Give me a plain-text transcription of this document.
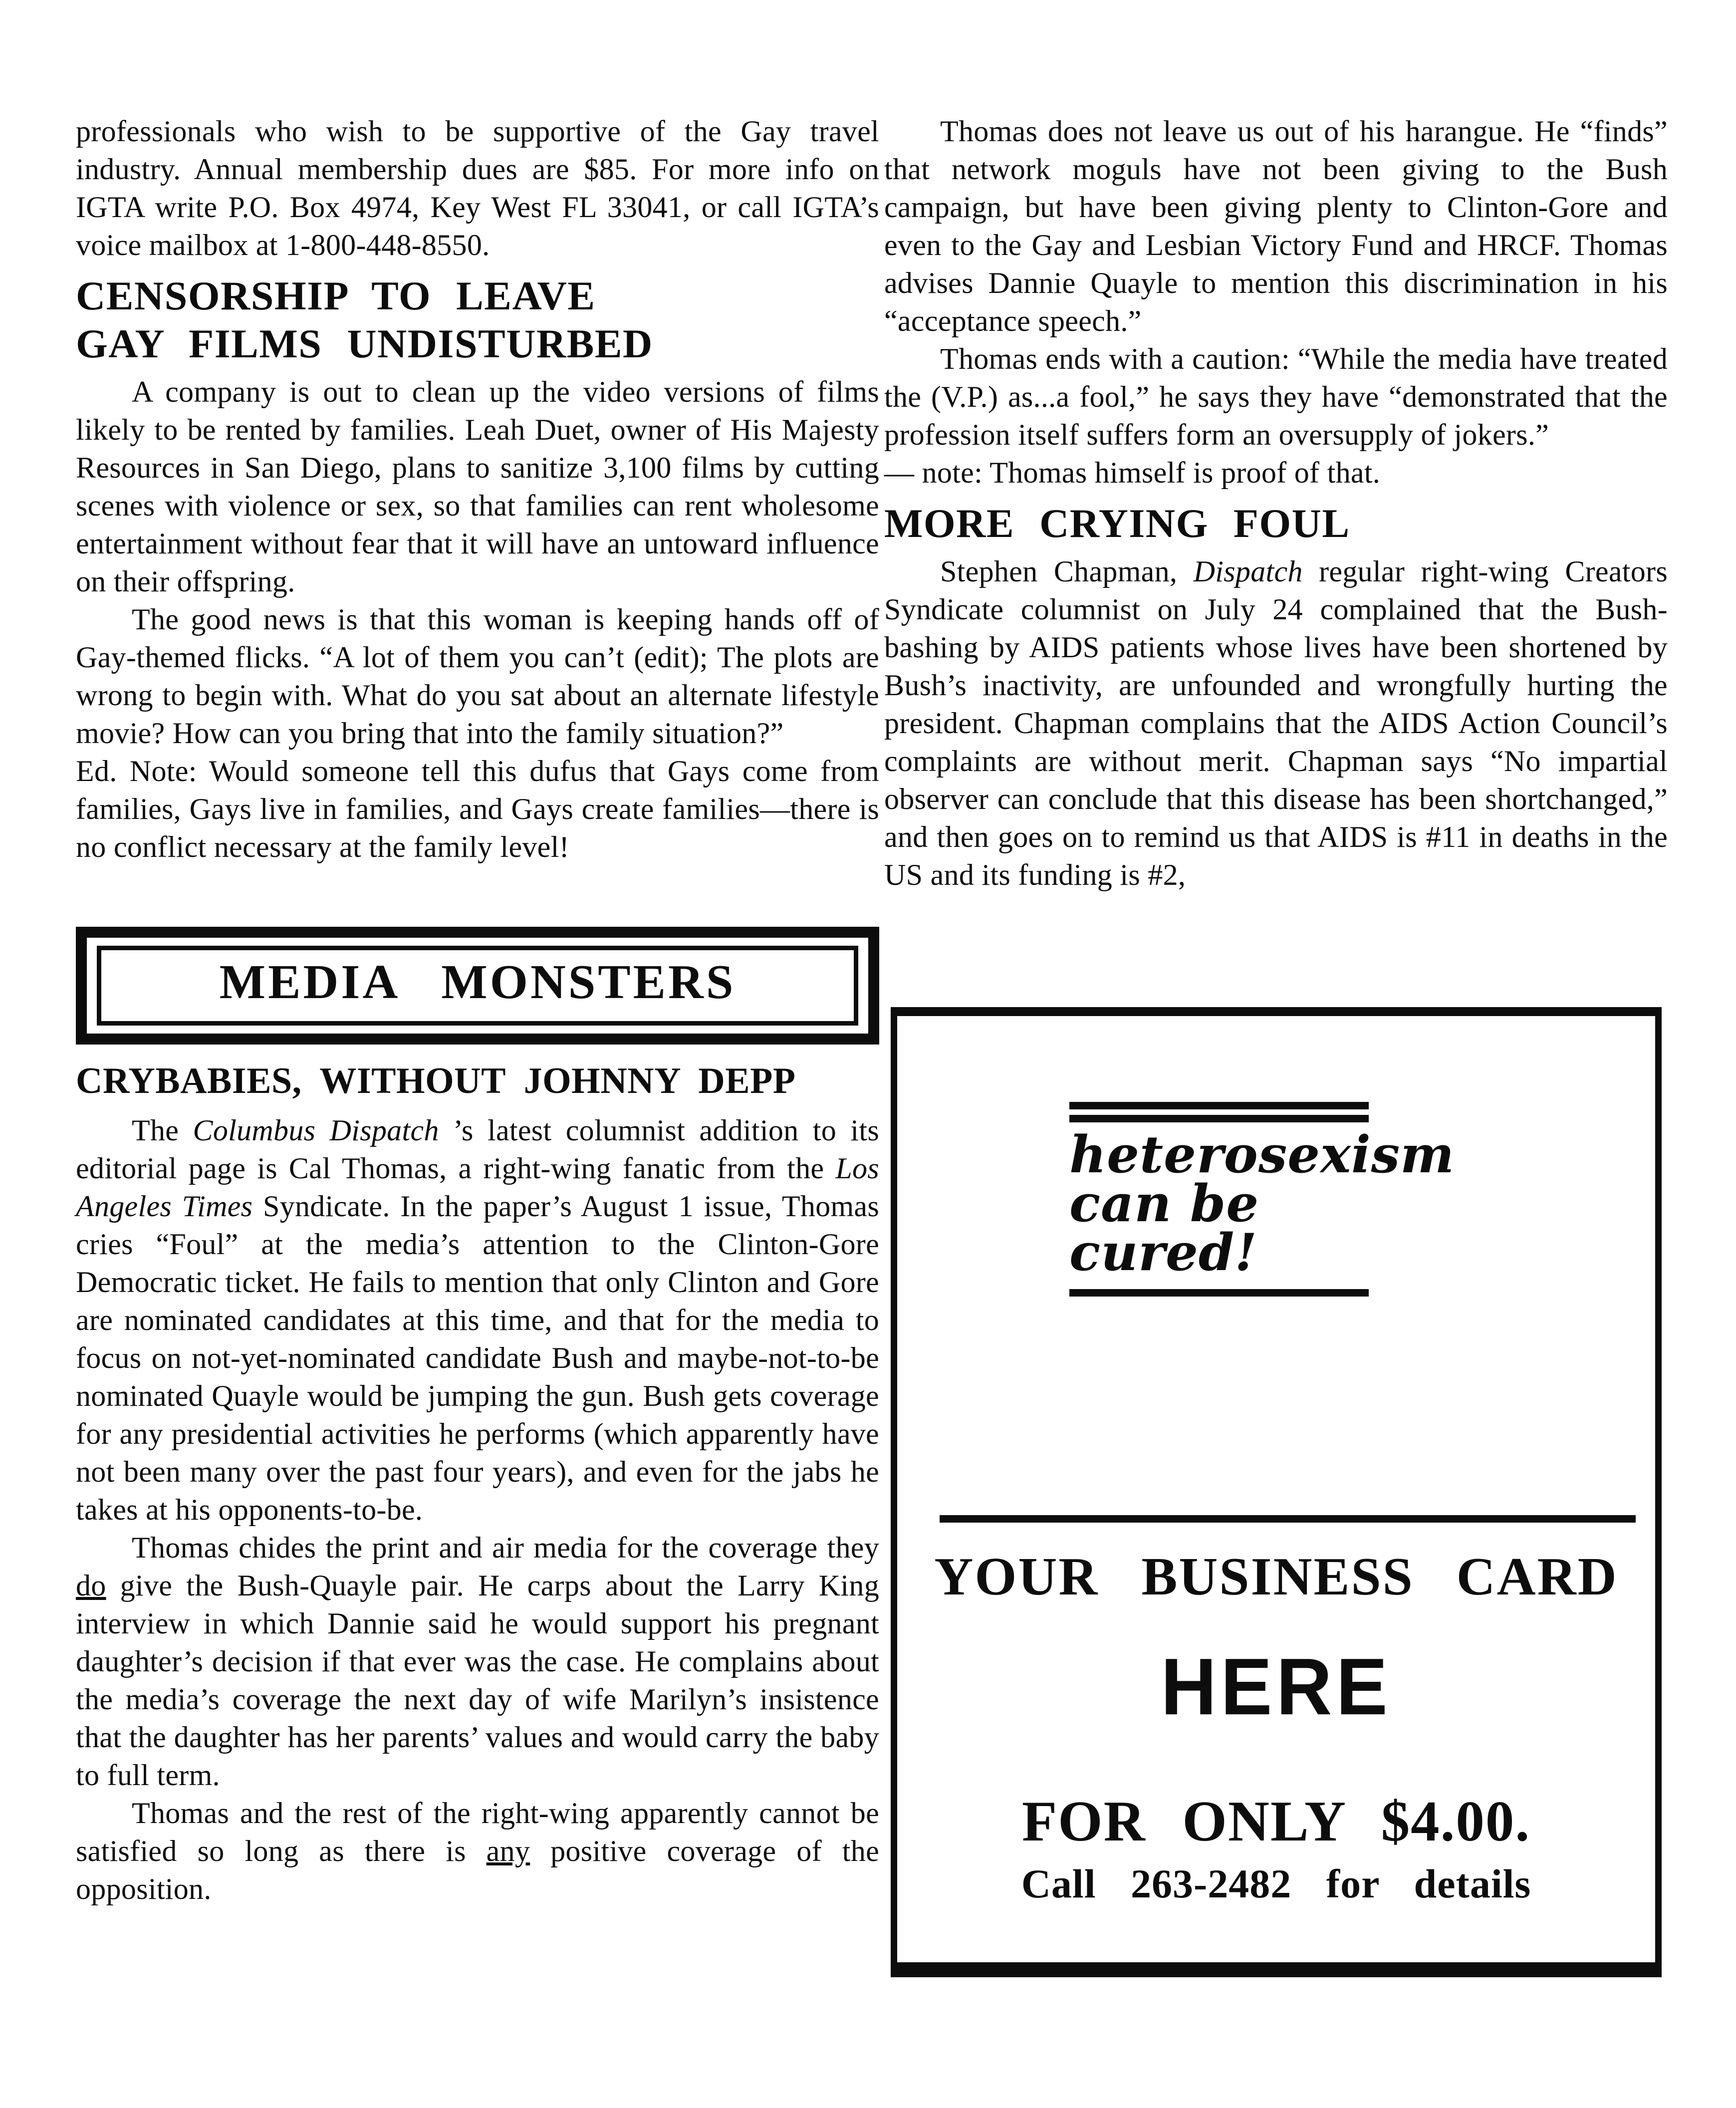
professionals who wish to be supportive of the Gay travel industry. Annual membership dues are $85. For more info on IGTA write P.O. Box 4974, Key West FL 33041, or call IGTA’s voice mailbox at 1-800-448-8550.

CENSORSHIP TO LEAVE
GAY FILMS UNDISTURBED

A company is out to clean up the video versions of films likely to be rented by families. Leah Duet, owner of His Majesty Resources in San Diego, plans to sanitize 3,100 films by cutting scenes with violence or sex, so that families can rent wholesome entertainment without fear that it will have an untoward influence on their offspring.

The good news is that this woman is keeping hands off of Gay-themed flicks. “A lot of them you can’t (edit); The plots are wrong to begin with. What do you sat about an alternate lifestyle movie? How can you bring that into the family situation?”

Ed. Note: Would someone tell this dufus that Gays come from families, Gays live in families, and Gays create families—there is no conflict necessary at the family level!

MEDIA MONSTERS
CRYBABIES, WITHOUT JOHNNY DEPP

The Columbus Dispatch ’s latest columnist addition to its editorial page is Cal Thomas, a right-wing fanatic from the Los Angeles Times Syndicate. In the paper’s August 1 issue, Thomas cries “Foul” at the media’s attention to the Clinton-Gore Democratic ticket. He fails to mention that only Clinton and Gore are nominated candidates at this time, and that for the media to focus on not-yet-nominated candidate Bush and maybe-not-to-be nominated Quayle would be jumping the gun. Bush gets coverage for any presidential activities he performs (which apparently have not been many over the past four years), and even for the jabs he takes at his opponents-to-be.

Thomas chides the print and air media for the coverage they do give the Bush-Quayle pair. He carps about the Larry King interview in which Dannie said he would support his pregnant daughter’s decision if that ever was the case. He complains about the media’s coverage the next day of wife Marilyn’s insistence that the daughter has her parents’ values and would carry the baby to full term.

Thomas and the rest of the right-wing apparently cannot be satisfied so long as there is any positive coverage of the opposition.

Thomas does not leave us out of his harangue. He “finds” that network moguls have not been giving to the Bush campaign, but have been giving plenty to Clinton-Gore and even to the Gay and Lesbian Victory Fund and HRCF. Thomas advises Dannie Quayle to mention this discrimination in his “acceptance speech.”

Thomas ends with a caution: “While the media have treated the (V.P.) as...a fool,” he says they have “demonstrated that the profession itself suffers form an oversupply of jokers.”

— note: Thomas himself is proof of that.

MORE CRYING FOUL

Stephen Chapman, Dispatch regular right-wing Creators Syndicate columnist on July 24 complained that the Bush-bashing by AIDS patients whose lives have been shortened by Bush’s inactivity, are unfounded and wrongfully hurting the president. Chapman complains that the AIDS Action Council’s complaints are without merit. Chapman says “No impartial observer can conclude that this disease has been shortchanged,” and then goes on to remind us that AIDS is #11 in deaths in the US and its funding is #2,

heterosexism
can be cured!
YOUR BUSINESS CARD
HERE
FOR ONLY $4.00.
Call 263-2482 for details
